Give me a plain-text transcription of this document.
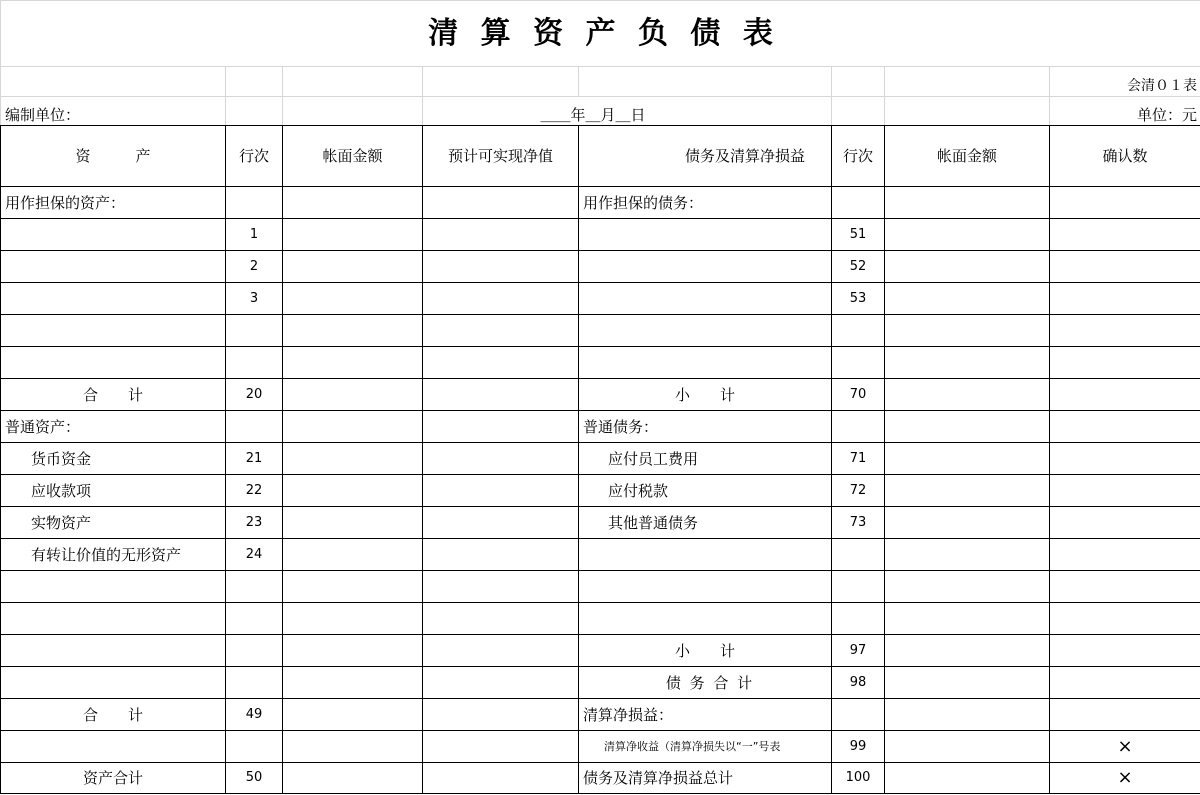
清 算 资 产 负 债 表							
							会清０１表
编制单位：			＿＿年＿月＿日				单位：元
资　　　产	行次	帐面金额	预计可实现净值	债务及清算净损益	行次	帐面金额	确认数
用作担保的资产：				用作担保的债务：			
	1				51		
	2				52		
	3				53		

合　　计	20			小　　计	70		
普通资产：				普通债务：			
货币资金	21			应付员工费用	71		
应收款项	22			应付税款	72		
实物资产	23			其他普通债务	73		
有转让价值的无形资产	24						

				小　　计	97		
				债 务 合 计	98		
合　　计	49			清算净损益：			
				清算净收益（清算净损失以“一”号表	99		×
资产合计	50			债务及清算净损益总计	100		×
